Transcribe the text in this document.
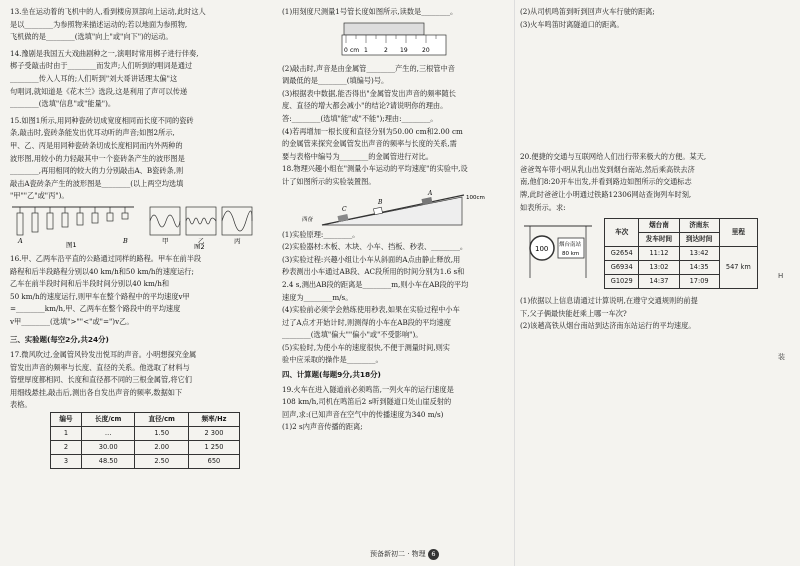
13.坐在运动着的飞机中的人,看到楼房顶部向上运动,此时这人

是以________为参照物来描述运动的;若以地面为参照物,

飞机做的是________(选填"向上"或"向下")的运动。

14.豫剧是我国五大戏曲剧种之一,演唱时常用梆子进行伴奏,

梆子受敲击时由于________而发声;人们听到的唱词是通过

________传入人耳的;人们听到"刘大哥讲话理太偏"这

句唱词,就知道是《花木兰》选段,这是利用了声可以传递

________(选填"信息"或"能量")。

15.如图1所示,用同种瓷砖切成宽度相同而长度不同的瓷砖

条,敲击时,瓷砖条能发出优耳动听的声音;如图2所示,

甲、乙、丙是用同种瓷砖条切成长度相同而内外两种的

波形图,用较小的力轻敲其中一个瓷砖条产生的波形图是

________,再用相同的较大的力分别敲击A、B瓷砖条,则

敲击A瓷砖条产生的波形图是________(以上两空均选填

"甲""乙"或"丙")。

A	B
图1	甲	乙	丙
图2

16.甲、乙两车沿平直的公路通过同样的路程。甲车在前半段

路程和后半段路程分别以40 km/h和50 km/h的速度运行;

乙车在前半段时间和后半段时间分别以40 km/h和

50 km/h的速度运行,则甲车在整个路程中的平均速度v甲

=________km/h,甲、乙两车在整个路段中的平均速度

v甲________(选填">""<"或"=")v乙。

三、实验题(每空2分,共24分)

17.微风吹过,金属管风铃发出悦耳的声音。小明想探究金属

管发出声音的频率与长度、直径的关系。他选取了材料与

管壁厚度都相同、长度和直径都不同的三根金属管,将它们

用细线悬挂,敲击后,测出各自发出声音的频率,数据如下

表格。

编号	长度/cm	直径/cm	频率/Hz
1	…	1.50	2 300
2	30.00	2.00	1 250
3	48.50	2.50	650

(1)用刻度尺测量1号管长度如图所示,读数是________。

0 cm 1	2 19 20

(2)敲击时,声音是由金属管________产生的,三根管中音

调最低的是________(填编号)号。

(3)根据表中数据,能否得出"金属管发出声音的频率随长

度、直径的增大都会减小"的结论?请说明你的理由。

答:________(选填"能"或"不能");理由:________。

(4)若再增加一根长度和直径分别为50.00 cm和2.00 cm

的金属管来探究金属管发出声音的频率与长度的关系,需

要与表格中编号为________的金属管进行对比。

18.物理兴趣小组在"测量小车运动的平均速度"的实验中,设

计了如图所示的实验装置图。

C
B
A
100cm
西奋

(1)实验原理:________。

(2)实验器材:木板、木块、小车、挡板、秒表、________。

(3)实验过程:兴趣小组让小车从斜面的A点由静止释放,用

秒表测出小车通过AB段、AC段所用的时间分别为1.6 s和

2.4 s,测出AB段的距离是________m,则小车在AB段的平均

速度为________m/s。

(4)实验前必须学会熟练使用秒表,如果在实验过程中小车

过了A点才开始计时,则测得的小车在AB段的平均速度

________(选填"偏大""偏小"或"不受影响")。

(5)实验时,为使小车的速度很快,不便于测量时间,则实

验中应采取的操作是________。

四、计算题(每题9分,共18分)

19.火车在进入隧道前必须鸣笛,一列火车的运行速度是

108 km/h,司机在鸣笛后2 s听到隧道口处山崖反射的

回声,求:(已知声音在空气中的传播速度为340 m/s)

(1)2 s内声音传播的距离;

(2)从司机鸣笛到听到回声火车行驶的距离;

(3)火车鸣笛时离隧道口的距离。

20.便捷的交通与互联网给人们出行带来极大的方便。某天,

爸爸驾车带小明从乳山出发到烟台南站,然后乘高铁去济

南,他们8:20开车出发,并看到路边如图所示的交通标志

牌,此时爸爸让小明通过铁路12306网站查询列车时刻,

如表所示。求:

100 烟台南站
80 km
车次	烟台南	济南东	里程
	发车时间	到达时间	
G2654	11:12	13:42	547 km
G6934	13:02	14:35	
G1029	14:37	17:09	

(1)依据以上信息请通过计算说明,在遵守交通规则的前提

下,父子俩最快能赶乘上哪一车次?

(2)该趟高铁从烟台南站到达济南东站运行的平均速度。

H
装
预备新初二 · 物理 6
